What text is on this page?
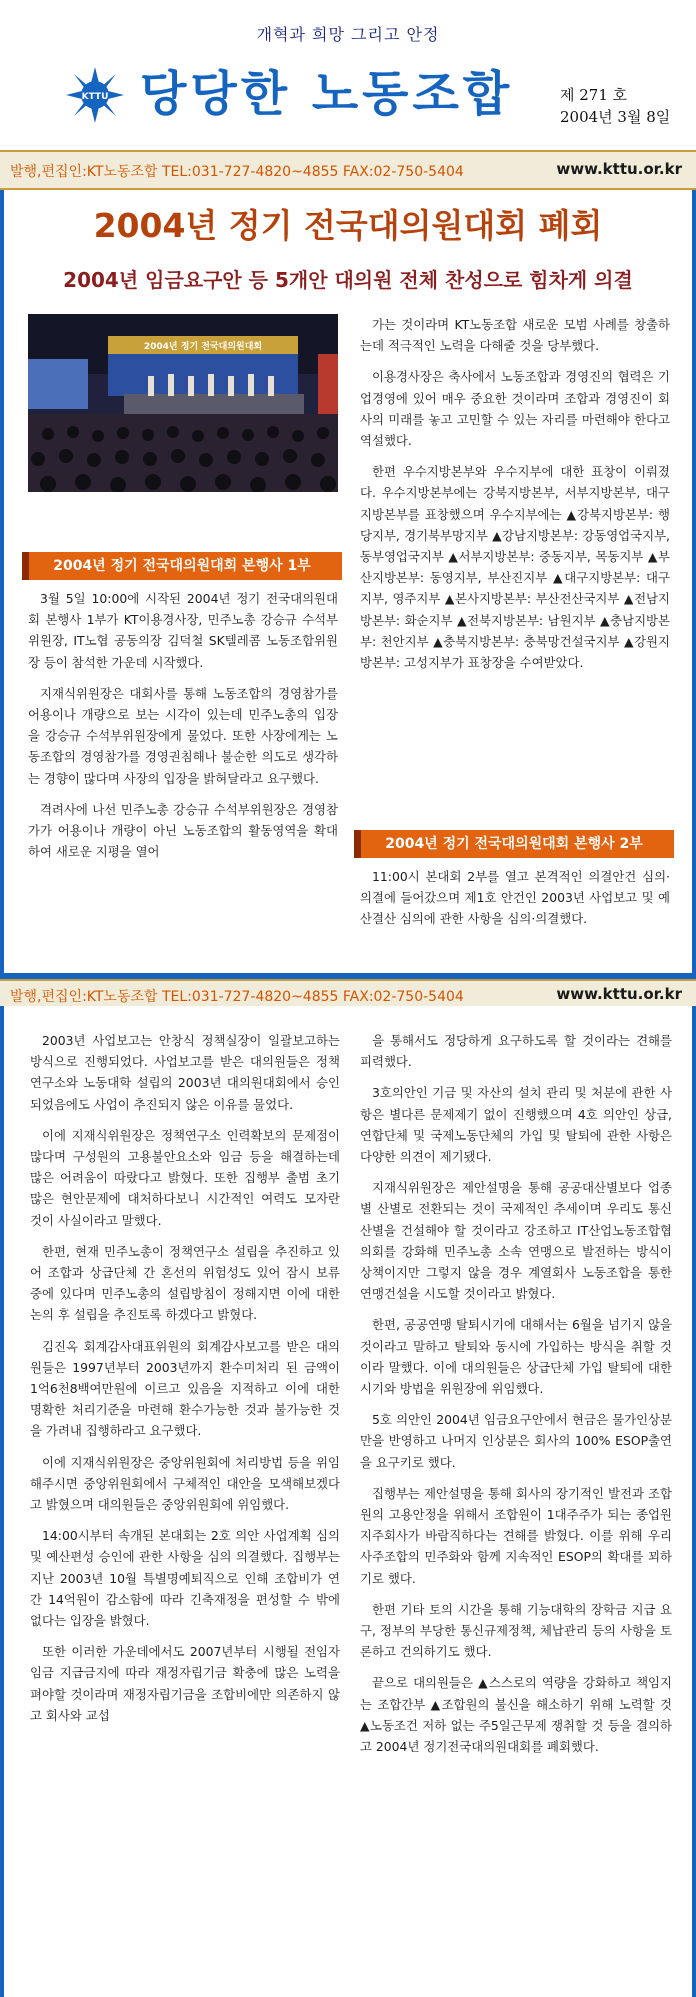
개혁과 희망 그리고 안정
KTTU 당당한 노동조합	제 271 호
2004년 3월 8일
발행,편집인:KT노동조합 TEL:031-727-4820~4855 FAX:02-750-5404	www.kttu.or.kr
2004년 정기 전국대의원대회 폐회
2004년 임금요구안 등 5개안 대의원 전체 찬성으로 힘차게 의결
2004년 정기 전국대의원대회
2004년 정기 전국대의원대회 본행사 1부

3월 5일 10:00에 시작된 2004년 정기 전국대의원대회 본행사 1부가 KT이용경사장, 민주노총 강승규 수석부위원장, IT노협 공동의장 김덕철 SK텔레콤 노동조합위원장 등이 참석한 가운데 시작했다.

지재식위원장은 대회사를 통해 노동조합의 경영참가를 어용이나 개량으로 보는 시각이 있는데 민주노총의 입장을 강승규 수석부위원장에게 물었다. 또한 사장에게는 노동조합의 경영참가를 경영권침해나 불순한 의도로 생각하는 경향이 많다며 사장의 입장을 밝혀달라고 요구했다.

격려사에 나선 민주노총 강승규 수석부위원장은 경영참가가 어용이나 개량이 아닌 노동조합의 활동영역을 확대하여 새로운 지평을 열어

가는 것이라며 KT노동조합 새로운 모범 사례를 창출하는데 적극적인 노력을 다해줄 것을 당부했다.

이용경사장은 축사에서 노동조합과 경영진의 협력은 기업경영에 있어 매우 중요한 것이라며 조합과 경영진이 회사의 미래를 놓고 고민할 수 있는 자리를 마련해야 한다고 역설했다.

한편 우수지방본부와 우수지부에 대한 표창이 이뤄졌다. 우수지방본부에는 강북지방본부, 서부지방본부, 대구지방본부를 표창했으며 우수지부에는 ▲강북지방본부: 행당지부, 경기북부망지부 ▲강남지방본부: 강동영업국지부, 동부영업국지부 ▲서부지방본부: 중동지부, 목동지부 ▲부산지방본부: 동영지부, 부산진지부 ▲대구지방본부: 대구지부, 영주지부 ▲본사지방본부: 부산전산국지부 ▲전남지방본부: 화순지부 ▲전북지방본부: 남원지부 ▲충남지방본부: 천안지부 ▲충북지방본부: 충북망건설국지부 ▲강원지방본부: 고성지부가 표창장을 수여받았다.

2004년 정기 전국대의원대회 본행사 2부

11:00시 본대회 2부를 열고 본격적인 의결안건 심의·의결에 들어갔으며 제1호 안건인 2003년 사업보고 및 예산결산 심의에 관한 사항을 심의·의결했다.

발행,편집인:KT노동조합 TEL:031-727-4820~4855 FAX:02-750-5404	www.kttu.or.kr

2003년 사업보고는 안창식 정책실장이 일괄보고하는 방식으로 진행되었다. 사업보고를 받은 대의원들은 정책연구소와 노동대학 설립의 2003년 대의원대회에서 승인되었음에도 사업이 추진되지 않은 이유를 물었다.

이에 지재식위원장은 정책연구소 인력확보의 문제점이 많다며 구성원의 고용불안요소와 임금 등을 해결하는데 많은 어려움이 따랐다고 밝혔다. 또한 집행부 출범 초기 많은 현안문제에 대처하다보니 시간적인 여력도 모자란 것이 사실이라고 말했다.

한편, 현재 민주노총이 정책연구소 설립을 추진하고 있어 조합과 상급단체 간 혼선의 위험성도 있어 잠시 보류 중에 있다며 민주노총의 설립방침이 정해지면 이에 대한 논의 후 설립을 추진토록 하겠다고 밝혔다.

김진옥 회계감사대표위원의 회계감사보고를 받은 대의원들은 1997년부터 2003년까지 환수미처리 된 금액이 1억6천8백여만원에 이르고 있음을 지적하고 이에 대한 명확한 처리기준을 마련해 환수가능한 것과 불가능한 것을 가려내 집행하라고 요구했다.

이에 지재식위원장은 중앙위원회에 처리방법 등을 위임해주시면 중앙위원회에서 구체적인 대안을 모색해보겠다고 밝혔으며 대의원들은 중앙위원회에 위임했다.

14:00시부터 속개된 본대회는 2호 의안 사업계획 심의 및 예산편성 승인에 관한 사항을 심의 의결했다. 집행부는 지난 2003년 10월 특별명예퇴직으로 인해 조합비가 연간 14억원이 감소함에 따라 긴축재정을 편성할 수 밖에 없다는 입장을 밝혔다.

또한 이러한 가운데에서도 2007년부터 시행될 전임자 임금 지급금지에 따라 재정자립기금 확충에 많은 노력을 펴야할 것이라며 재정자립기금을 조합비에만 의존하지 않고 회사와 교섭

을 통해서도 정당하게 요구하도록 할 것이라는 견해를 피력했다.

3호의안인 기금 및 자산의 설치 관리 및 처분에 관한 사항은 별다른 문제제기 없이 진행했으며 4호 의안인 상급, 연합단체 및 국제노동단체의 가입 및 탈퇴에 관한 사항은 다양한 의견이 제기됐다.

지재식위원장은 제안설명을 통해 공공대산별보다 업종별 산별로 전환되는 것이 국제적인 추세이며 우리도 통신산별을 건설해야 할 것이라고 강조하고 IT산업노동조합협의회를 강화해 민주노총 소속 연맹으로 발전하는 방식이 상책이지만 그렇지 않을 경우 계열회사 노동조합을 통한 연맹건설을 시도할 것이라고 밝혔다.

한편, 공공연맹 탈퇴시기에 대해서는 6월을 넘기지 않을 것이라고 말하고 탈퇴와 동시에 가입하는 방식을 취할 것이라 말했다. 이에 대의원들은 상급단체 가입 탈퇴에 대한 시기와 방법을 위원장에 위임했다.

5호 의안인 2004년 임금요구안에서 현금은 물가인상분만을 반영하고 나머지 인상분은 회사의 100% ESOP출연을 요구키로 했다.

집행부는 제안설명을 통해 회사의 장기적인 발전과 조합원의 고용안정을 위해서 조합원이 1대주주가 되는 종업원지주회사가 바람직하다는 견해를 밝혔다. 이를 위해 우리사주조합의 민주화와 함께 지속적인 ESOP의 확대를 꾀하기로 했다.

한편 기타 토의 시간을 통해 기능대학의 장학금 지급 요구, 정부의 부당한 통신규제정책, 체납관리 등의 사항을 토론하고 건의하기도 했다.

끝으로 대의원들은 ▲스스로의 역량을 강화하고 책임지는 조합간부 ▲조합원의 불신을 해소하기 위해 노력할 것 ▲노동조건 저하 없는 주5일근무제 쟁취할 것 등을 결의하고 2004년 정기전국대의원대회를 폐회했다.
